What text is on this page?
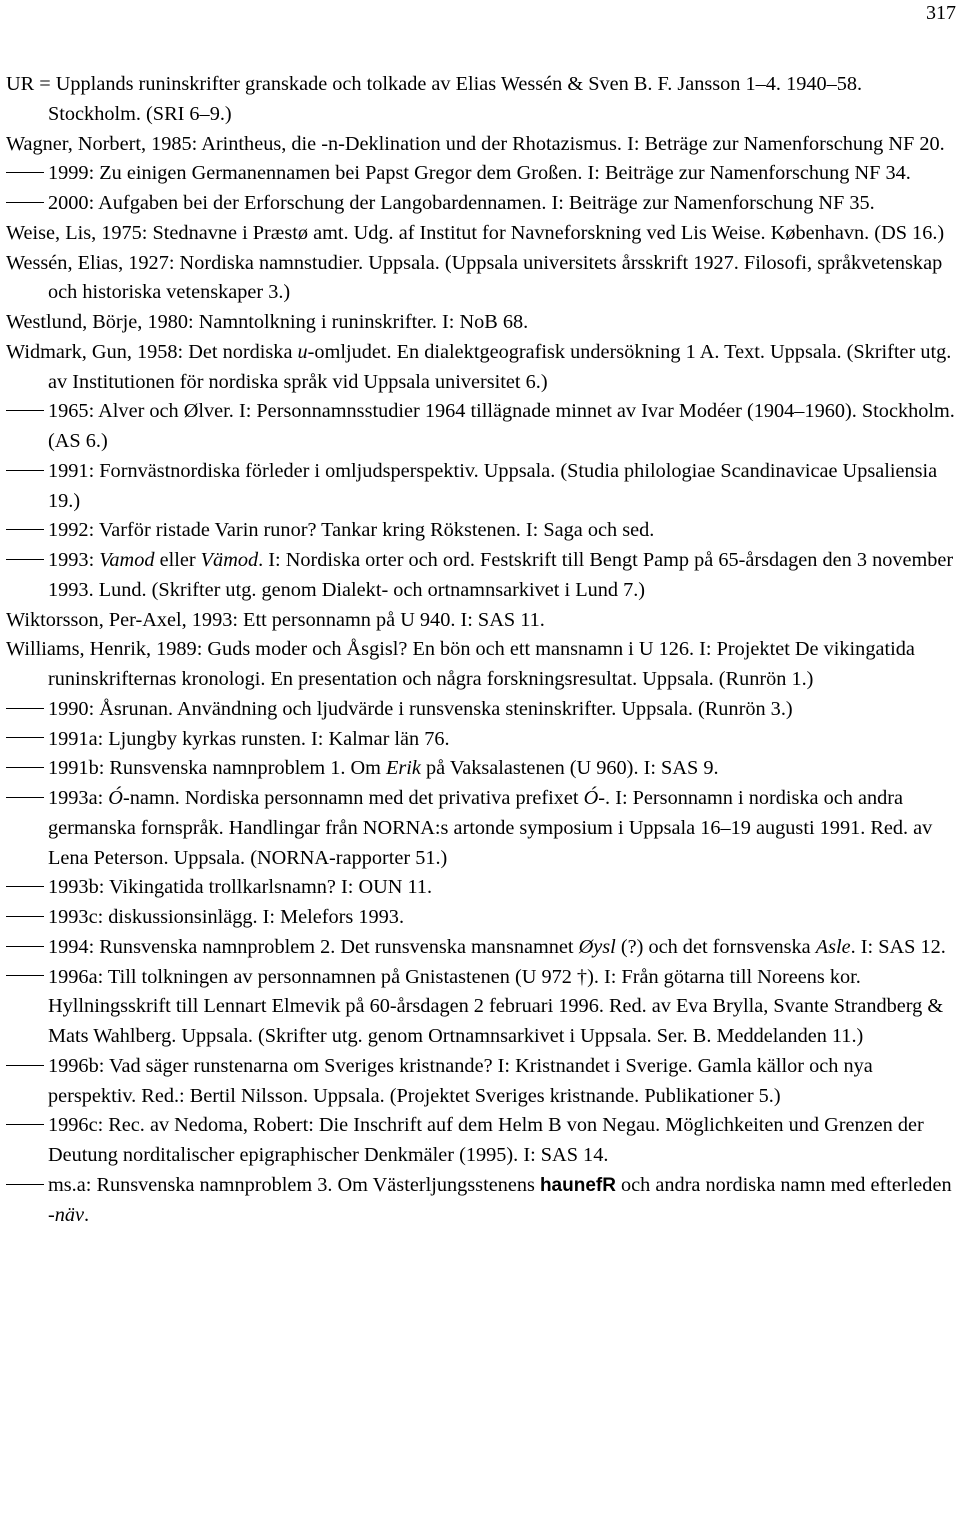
317
UR = Upplands runinskrifter granskade och tolkade av Elias Wessén & Sven B. F. Jansson 1–4. 1940–58. Stockholm. (SRI 6–9.)
Wagner, Norbert, 1985: Arintheus, die -n-Deklination und der Rhotazismus. I: Beträge zur Namenforschung NF 20.
1999: Zu einigen Germanennamen bei Papst Gregor dem Großen. I: Beiträge zur Namenforschung NF 34.
2000: Aufgaben bei der Erforschung der Langobardennamen. I: Beiträge zur Namenforschung NF 35.
Weise, Lis, 1975: Stednavne i Præstø amt. Udg. af Institut for Navneforskning ved Lis Weise. København. (DS 16.)
Wessén, Elias, 1927: Nordiska namnstudier. Uppsala. (Uppsala universitets årsskrift 1927. Filosofi, språkvetenskap och historiska vetenskaper 3.)
Westlund, Börje, 1980: Namntolkning i runinskrifter. I: NoB 68.
Widmark, Gun, 1958: Det nordiska u-omljudet. En dialektgeografisk undersökning 1 A. Text. Uppsala. (Skrifter utg. av Institutionen för nordiska språk vid Uppsala universitet 6.)
1965: Alver och Ølver. I: Personnamnsstudier 1964 tillägnade minnet av Ivar Modéer (1904–1960). Stockholm. (AS 6.)
1991: Fornvästnordiska förleder i omljudsperspektiv. Uppsala. (Studia philologiae Scandinavicae Upsaliensia 19.)
1992: Varför ristade Varin runor? Tankar kring Rökstenen. I: Saga och sed.
1993: Vamod eller Vämod. I: Nordiska orter och ord. Festskrift till Bengt Pamp på 65-årsdagen den 3 november 1993. Lund. (Skrifter utg. genom Dialekt- och ortnamnsarkivet i Lund 7.)
Wiktorsson, Per-Axel, 1993: Ett personnamn på U 940. I: SAS 11.
Williams, Henrik, 1989: Guds moder och Åsgisl? En bön och ett mansnamn i U 126. I: Projektet De vikingatida runinskrifternas kronologi. En presentation och några forskningsresultat. Uppsala. (Runrön 1.)
1990: Åsrunan. Användning och ljudvärde i runsvenska steninskrifter. Uppsala. (Runrön 3.)
1991a: Ljungby kyrkas runsten. I: Kalmar län 76.
1991b: Runsvenska namnproblem 1. Om Erik på Vaksalastenen (U 960). I: SAS 9.
1993a: Ó-namn. Nordiska personnamn med det privativa prefixet Ó-. I: Personnamn i nordiska och andra germanska fornspråk. Handlingar från NORNA:s artonde symposium i Uppsala 16–19 augusti 1991. Red. av Lena Peterson. Uppsala. (NORNA-rapporter 51.)
1993b: Vikingatida trollkarlsnamn? I: OUN 11.
1993c: diskussionsinlägg. I: Melefors 1993.
1994: Runsvenska namnproblem 2. Det runsvenska mansnamnet Øysl (?) och det fornsvenska Asle. I: SAS 12.
1996a: Till tolkningen av personnamnen på Gnistastenen (U 972 †). I: Från götarna till Noreens kor. Hyllningsskrift till Lennart Elmevik på 60-årsdagen 2 februari 1996. Red. av Eva Brylla, Svante Strandberg & Mats Wahlberg. Uppsala. (Skrifter utg. genom Ortnamnsarkivet i Uppsala. Ser. B. Meddelanden 11.)
1996b: Vad säger runstenarna om Sveriges kristnande? I: Kristnandet i Sverige. Gamla källor och nya perspektiv. Red.: Bertil Nilsson. Uppsala. (Projektet Sveriges kristnande. Publikationer 5.)
1996c: Rec. av Nedoma, Robert: Die Inschrift auf dem Helm B von Negau. Möglichkeiten und Grenzen der Deutung norditalischer epigraphischer Denkmäler (1995). I: SAS 14.
ms.a: Runsvenska namnproblem 3. Om Västerljungsstenens haunefR och andra nordiska namn med efterleden -näv.
